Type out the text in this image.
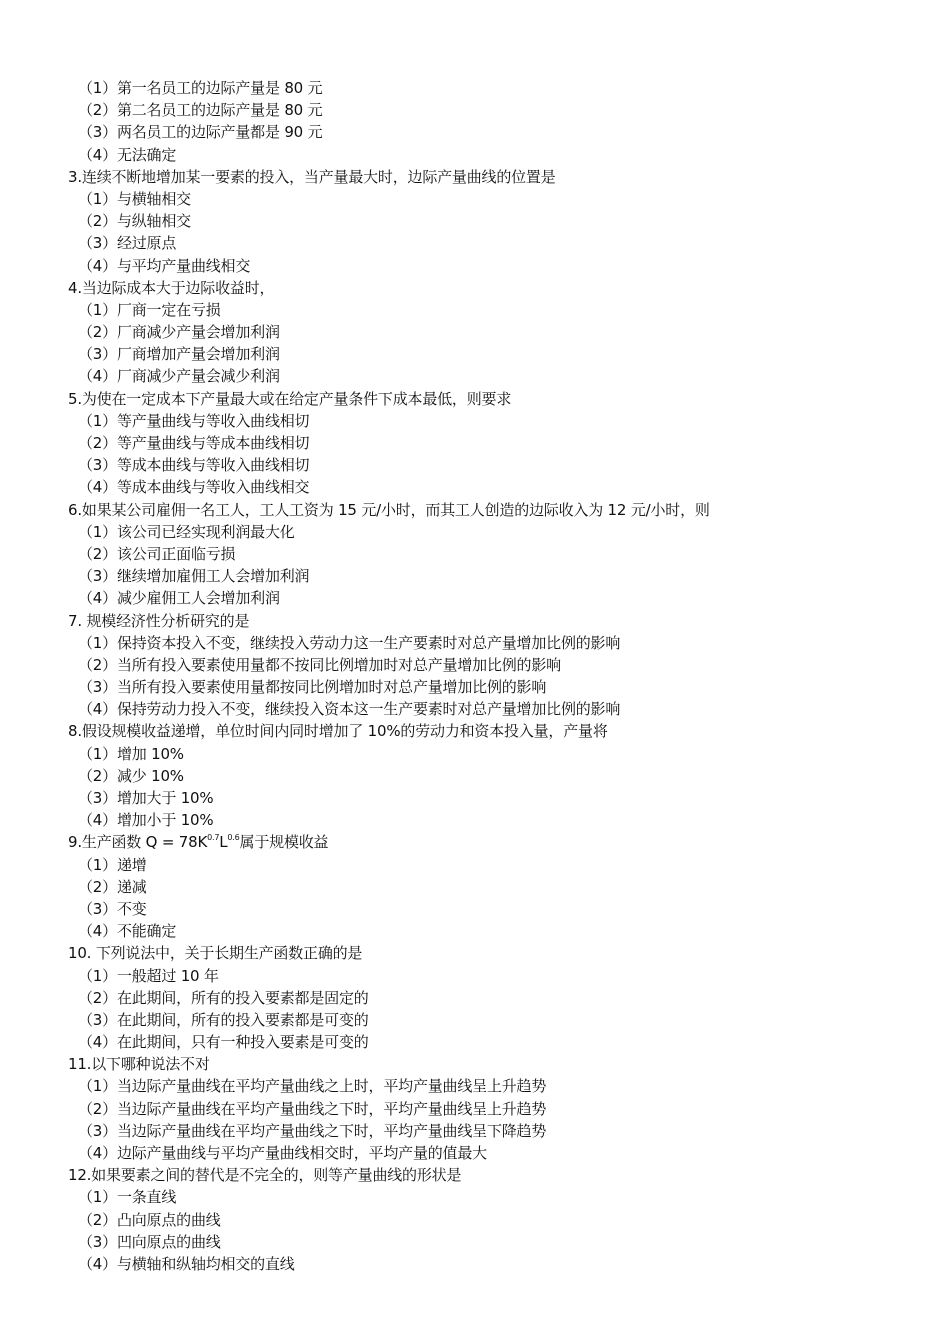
（1）第一名员工的边际产量是 80 元
（2）第二名员工的边际产量是 80 元
（3）两名员工的边际产量都是 90 元
（4）无法确定
3.连续不断地增加某一要素的投入，当产量最大时，边际产量曲线的位置是
（1）与横轴相交
（2）与纵轴相交
（3）经过原点
（4）与平均产量曲线相交
4.当边际成本大于边际收益时，
（1）厂商一定在亏损
（2）厂商减少产量会增加利润
（3）厂商增加产量会增加利润
（4）厂商减少产量会减少利润
5.为使在一定成本下产量最大或在给定产量条件下成本最低，则要求
（1）等产量曲线与等收入曲线相切
（2）等产量曲线与等成本曲线相切
（3）等成本曲线与等收入曲线相切
（4）等成本曲线与等收入曲线相交
6.如果某公司雇佣一名工人，工人工资为 15 元/小时，而其工人创造的边际收入为 12 元/小时，则
（1）该公司已经实现利润最大化
（2）该公司正面临亏损
（3）继续增加雇佣工人会增加利润
（4）减少雇佣工人会增加利润
7. 规模经济性分析研究的是
（1）保持资本投入不变，继续投入劳动力这一生产要素时对总产量增加比例的影响
（2）当所有投入要素使用量都不按同比例增加时对总产量增加比例的影响
（3）当所有投入要素使用量都按同比例增加时对总产量增加比例的影响
（4）保持劳动力投入不变，继续投入资本这一生产要素时对总产量增加比例的影响
8.假设规模收益递增，单位时间内同时增加了 10%的劳动力和资本投入量，产量将
（1）增加 10%
（2）减少 10%
（3）增加大于 10%
（4）增加小于 10%
9.生产函数 $Q = 78K^{0.7}L^{0.6}$属于规模收益
（1）递增
（2）递减
（3）不变
（4）不能确定
10. 下列说法中，关于长期生产函数正确的是
（1）一般超过 10 年
（2）在此期间，所有的投入要素都是固定的
（3）在此期间，所有的投入要素都是可变的
（4）在此期间，只有一种投入要素是可变的
11.以下哪种说法不对
（1）当边际产量曲线在平均产量曲线之上时，平均产量曲线呈上升趋势
（2）当边际产量曲线在平均产量曲线之下时，平均产量曲线呈上升趋势
（3）当边际产量曲线在平均产量曲线之下时，平均产量曲线呈下降趋势
（4）边际产量曲线与平均产量曲线相交时，平均产量的值最大
12.如果要素之间的替代是不完全的，则等产量曲线的形状是
（1）一条直线
（2）凸向原点的曲线
（3）凹向原点的曲线
（4）与横轴和纵轴均相交的直线
